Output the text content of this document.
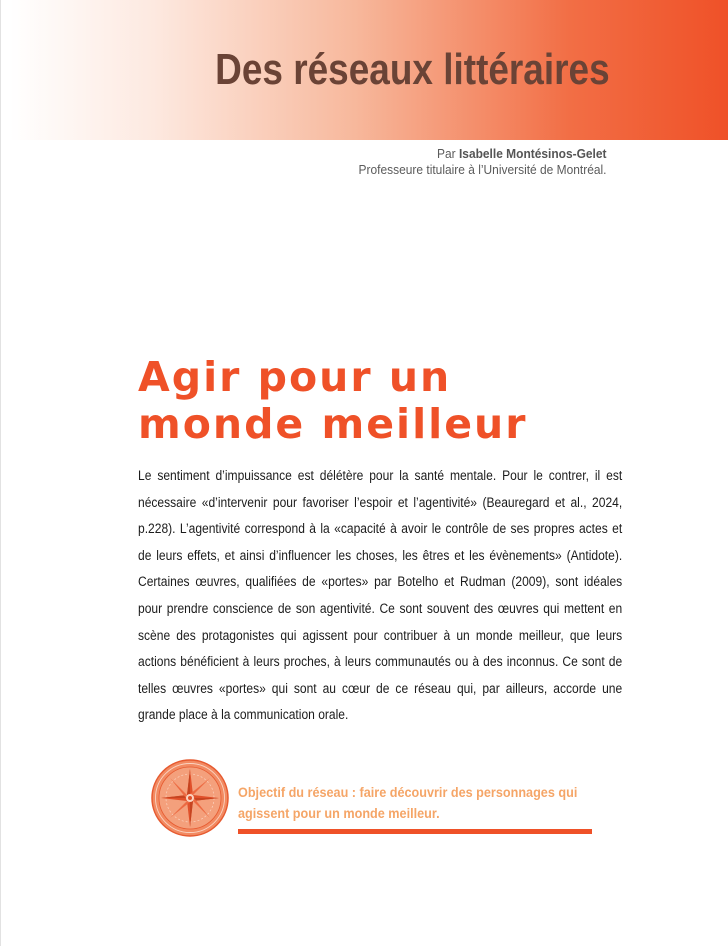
Des réseaux littéraires
Par Isabelle Montésinos-Gelet
Professeure titulaire à l’Université de Montréal.
Agir pour un
monde meilleur

Le sentiment d’impuissance est délétère pour la santé mentale. Pour le contrer, il est nécessaire «d’intervenir pour favoriser l’espoir et l’agentivité» (Beauregard et al., 2024, p.228). L’agentivité correspond à la «capacité à avoir le contrôle de ses propres actes et de leurs effets, et ainsi d’influencer les choses, les êtres et les évènements» (Antidote). Certaines œuvres, qualifiées de «portes» par Botelho et Rudman (2009), sont idéales pour prendre conscience de son agentivité. Ce sont souvent des œuvres qui mettent en scène des protagonistes qui agissent pour contribuer à un monde meilleur, que leurs actions bénéficient à leurs proches, à leurs communautés ou à des inconnus. Ce sont de telles œuvres «portes» qui sont au cœur de ce réseau qui, par ailleurs, accorde une grande place à la communication orale.

Objectif du réseau : faire découvrir des personnages qui agissent pour un monde meilleur.
